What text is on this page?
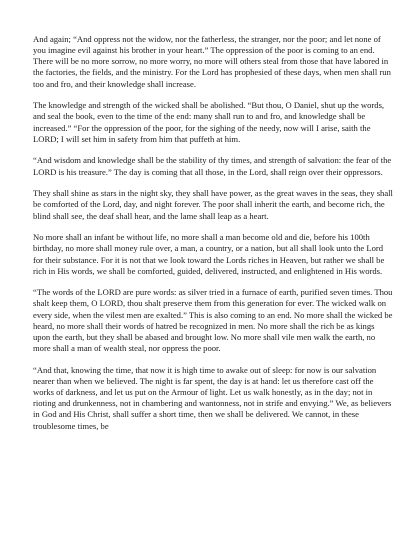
And again; “And oppress not the widow, nor the fatherless, the stranger, nor the poor; and let none of you imagine evil against his brother in your heart.” The oppression of the poor is coming to an end. There will be no more sorrow, no more worry, no more will others steal from those that have labored in the factories, the fields, and the ministry. For the Lord has prophesied of these days, when men shall run too and fro, and their knowledge shall increase.

The knowledge and strength of the wicked shall be abolished. “But thou, O Daniel, shut up the words, and seal the book, even to the time of the end: many shall run to and fro, and knowledge shall be increased.” “For the oppression of the poor, for the sighing of the needy, now will I arise, saith the LORD; I will set him in safety from him that puffeth at him.

“And wisdom and knowledge shall be the stability of thy times, and strength of salvation: the fear of the LORD is his treasure.” The day is coming that all those, in the Lord, shall reign over their oppressors.

They shall shine as stars in the night sky, they shall have power, as the great waves in the seas, they shall be comforted of the Lord, day, and night forever. The poor shall inherit the earth, and become rich, the blind shall see, the deaf shall hear, and the lame shall leap as a heart.

No more shall an infant be without life, no more shall a man become old and die, before his 100th birthday, no more shall money rule over, a man, a country, or a nation, but all shall look unto the Lord for their substance. For it is not that we look toward the Lords riches in Heaven, but rather we shall be rich in His words, we shall be comforted, guided, delivered, instructed, and enlightened in His words.

“The words of the LORD are pure words: as silver tried in a furnace of earth, purified seven times. Thou shalt keep them, O LORD, thou shalt preserve them from this generation for ever. The wicked walk on every side, when the vilest men are exalted.” This is also coming to an end. No more shall the wicked be heard, no more shall their words of hatred be recognized in men. No more shall the rich be as kings upon the earth, but they shall be abased and brought low. No more shall vile men walk the earth, no more shall a man of wealth steal, nor oppress the poor.

“And that, knowing the time, that now it is high time to awake out of sleep: for now is our salvation nearer than when we believed. The night is far spent, the day is at hand: let us therefore cast off the works of darkness, and let us put on the Armour of light. Let us walk honestly, as in the day; not in rioting and drunkenness, not in chambering and wantonness, not in strife and envying.” We, as believers in God and His Christ, shall suffer a short time, then we shall be delivered. We cannot, in these troublesome times, be
